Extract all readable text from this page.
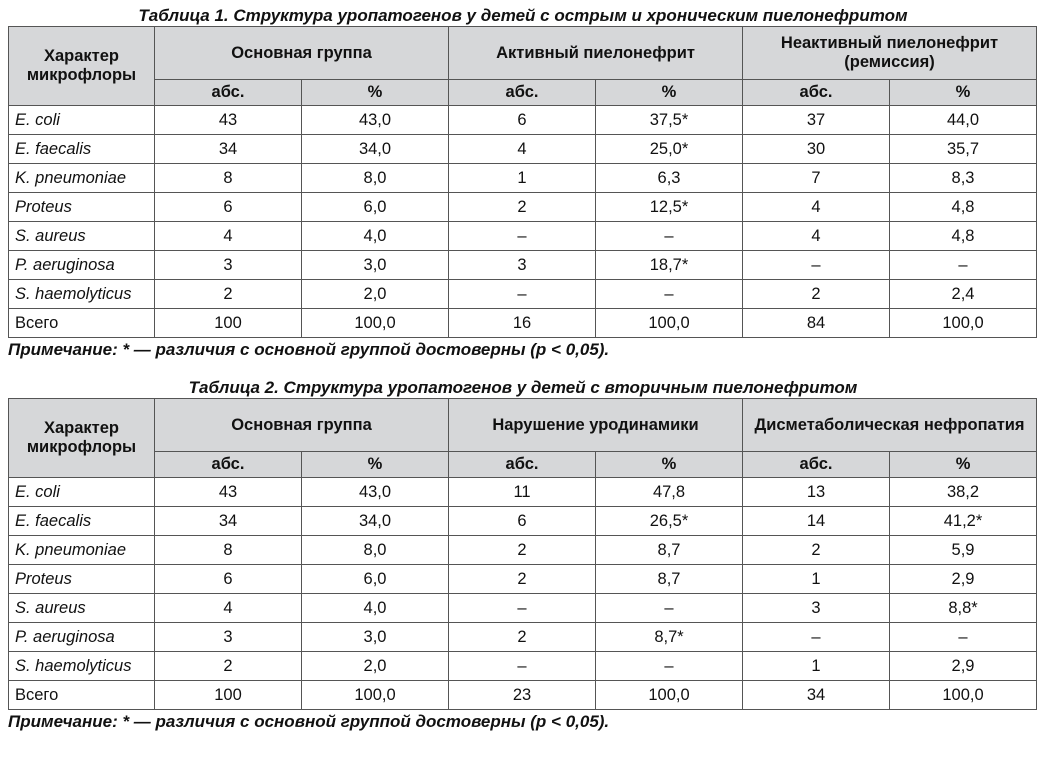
Таблица 1. Структура уропатогенов у детей с острым и хроническим пиелонефритом
Характер микрофлоры	Основная группа		Активный пиелонефрит		Неактивный пиелонефрит (ремиссия)	
	абс.	%	абс.	%	абс.	%
E. coli	43	43,0	6	37,5*	37	44,0
E. faecalis	34	34,0	4	25,0*	30	35,7
K. pneumoniae	8	8,0	1	6,3	7	8,3
Proteus	6	6,0	2	12,5*	4	4,8
S. aureus	4	4,0	–	–	4	4,8
P. aeruginosa	3	3,0	3	18,7*	–	–
S. haemolyticus	2	2,0	–	–	2	2,4
Всего	100	100,0	16	100,0	84	100,0
Примечание: * — различия с основной группой достоверны (р < 0,05).
Таблица 2. Структура уропатогенов у детей с вторичным пиелонефритом
Характер микрофлоры	Основная группа		Нарушение уродинамики		Дисметаболическая нефропатия	
	абс.	%	абс.	%	абс.	%
E. coli	43	43,0	11	47,8	13	38,2
E. faecalis	34	34,0	6	26,5*	14	41,2*
K. pneumoniae	8	8,0	2	8,7	2	5,9
Proteus	6	6,0	2	8,7	1	2,9
S. aureus	4	4,0	–	–	3	8,8*
P. aeruginosa	3	3,0	2	8,7*	–	–
S. haemolyticus	2	2,0	–	–	1	2,9
Всего	100	100,0	23	100,0	34	100,0
Примечание: * — различия с основной группой достоверны (р < 0,05).
